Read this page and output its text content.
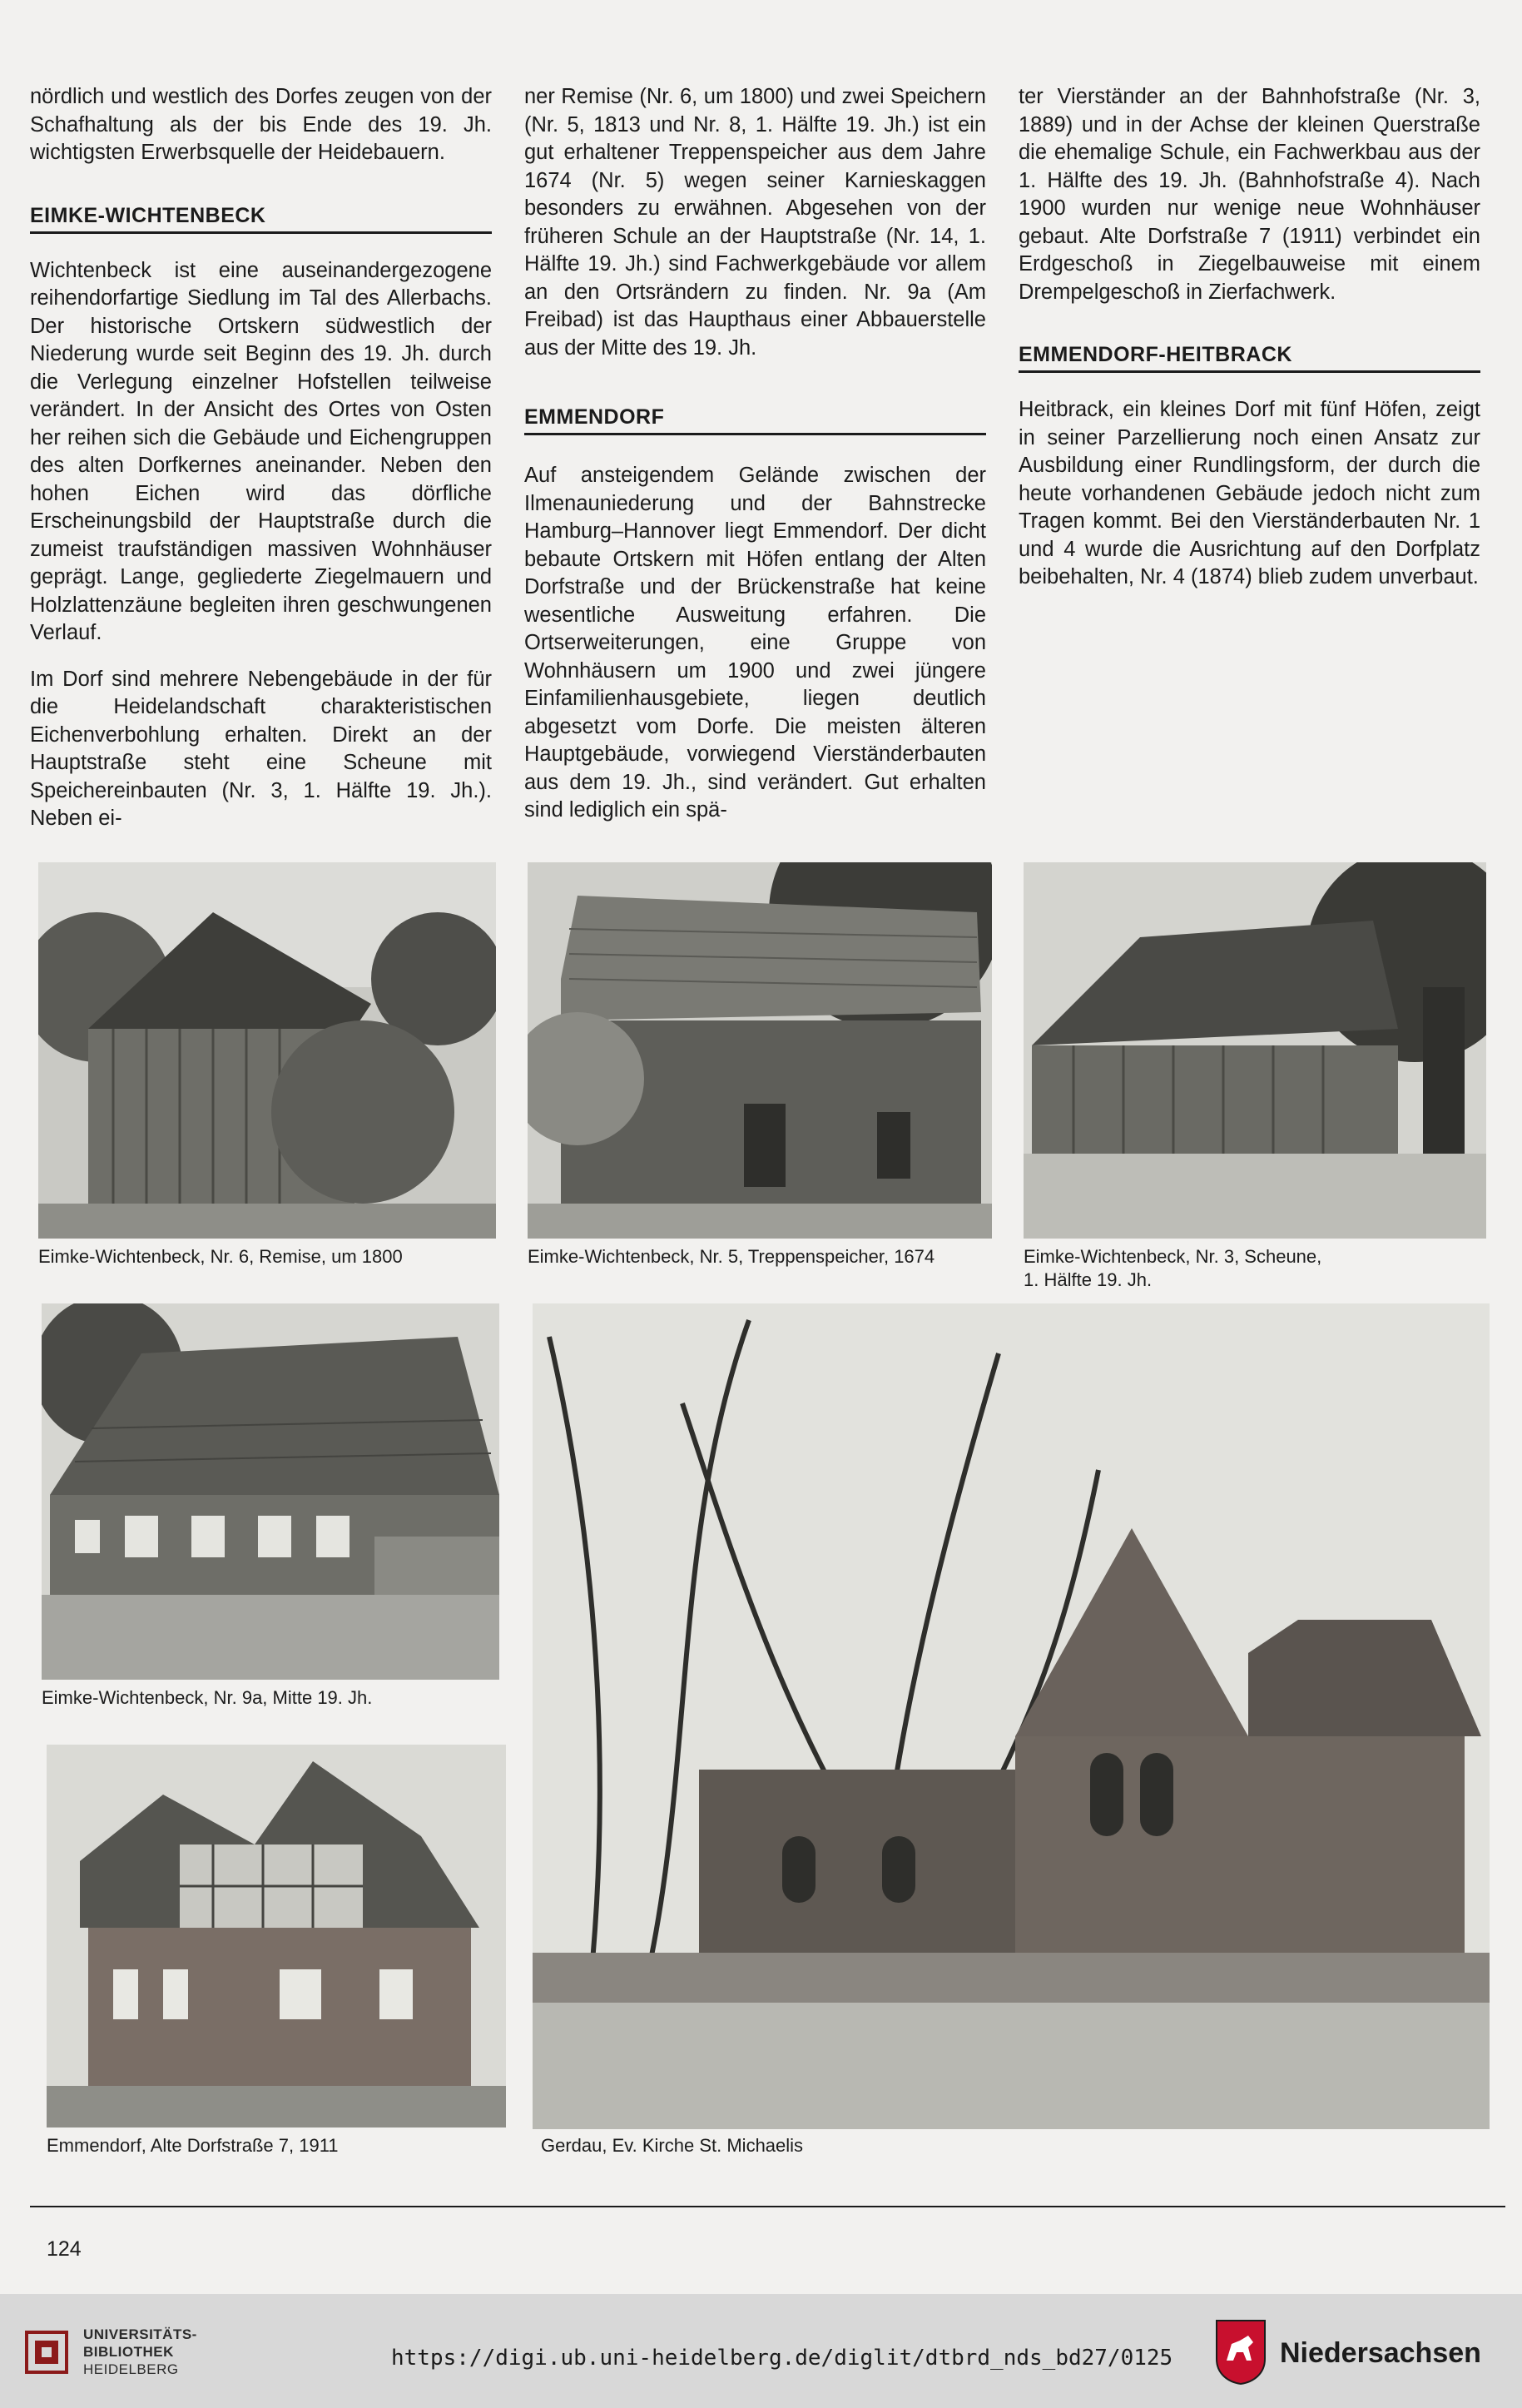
nördlich und westlich des Dorfes zeugen von der Schafhaltung als der bis Ende des 19. Jh. wichtigsten Erwerbsquelle der Heidebauern.

EIMKE-WICHTENBECK

Wichtenbeck ist eine auseinandergezogene reihendorfartige Siedlung im Tal des Allerbachs. Der historische Ortskern südwestlich der Niederung wurde seit Beginn des 19. Jh. durch die Verlegung einzelner Hofstellen teilweise verändert. In der Ansicht des Ortes von Osten her reihen sich die Gebäude und Eichengruppen des alten Dorfkernes aneinander. Neben den hohen Eichen wird das dörfliche Erscheinungsbild der Hauptstraße durch die zumeist traufständigen massiven Wohnhäuser geprägt. Lange, gegliederte Ziegelmauern und Holzlattenzäune begleiten ihren geschwungenen Verlauf.

Im Dorf sind mehrere Nebengebäude in der für die Heidelandschaft charakteristischen Eichenverbohlung erhalten. Direkt an der Hauptstraße steht eine Scheune mit Speichereinbauten (Nr. 3, 1. Hälfte 19. Jh.). Neben ei-

ner Remise (Nr. 6, um 1800) und zwei Speichern (Nr. 5, 1813 und Nr. 8, 1. Hälfte 19. Jh.) ist ein gut erhaltener Treppenspeicher aus dem Jahre 1674 (Nr. 5) wegen seiner Karnieskaggen besonders zu erwähnen. Abgesehen von der früheren Schule an der Hauptstraße (Nr. 14, 1. Hälfte 19. Jh.) sind Fachwerkgebäude vor allem an den Ortsrändern zu finden. Nr. 9a (Am Freibad) ist das Haupthaus einer Abbauerstelle aus der Mitte des 19. Jh.

EMMENDORF

Auf ansteigendem Gelände zwischen der Ilmenauniederung und der Bahnstrecke Hamburg–Hannover liegt Emmendorf. Der dicht bebaute Ortskern mit Höfen entlang der Alten Dorfstraße und der Brückenstraße hat keine wesentliche Ausweitung erfahren. Die Ortserweiterungen, eine Gruppe von Wohnhäusern um 1900 und zwei jüngere Einfamilienhausgebiete, liegen deutlich abgesetzt vom Dorfe. Die meisten älteren Hauptgebäude, vorwiegend Vierständerbauten aus dem 19. Jh., sind verändert. Gut erhalten sind lediglich ein spä-

ter Vierständer an der Bahnhofstraße (Nr. 3, 1889) und in der Achse der kleinen Querstraße die ehemalige Schule, ein Fachwerkbau aus der 1. Hälfte des 19. Jh. (Bahnhofstraße 4). Nach 1900 wurden nur wenige neue Wohnhäuser gebaut. Alte Dorfstraße 7 (1911) verbindet ein Erdgeschoß in Ziegelbauweise mit einem Drempelgeschoß in Zierfachwerk.

EMMENDORF-HEITBRACK

Heitbrack, ein kleines Dorf mit fünf Höfen, zeigt in seiner Parzellierung noch einen Ansatz zur Ausbildung einer Rundlingsform, der durch die heute vorhandenen Gebäude jedoch nicht zum Tragen kommt. Bei den Vierständerbauten Nr. 1 und 4 wurde die Ausrichtung auf den Dorfplatz beibehalten, Nr. 4 (1874) blieb zudem unverbaut.

Eimke-Wichtenbeck, Nr. 6, Remise, um 1800	Eimke-Wichtenbeck, Nr. 5, Treppenspeicher, 1674	Eimke-Wichtenbeck, Nr. 3, Scheune,
1. Hälfte 19. Jh.
Eimke-Wichtenbeck, Nr. 9a, Mitte 19. Jh.
Emmendorf, Alte Dorfstraße 7, 1911	Gerdau, Ev. Kirche St. Michaelis
124
UNIVERSITÄTS-
BIBLIOTHEK
HEIDELBERG	https://digi.ub.uni-heidelberg.de/diglit/dtbrd_nds_bd27/0125	Niedersachsen
